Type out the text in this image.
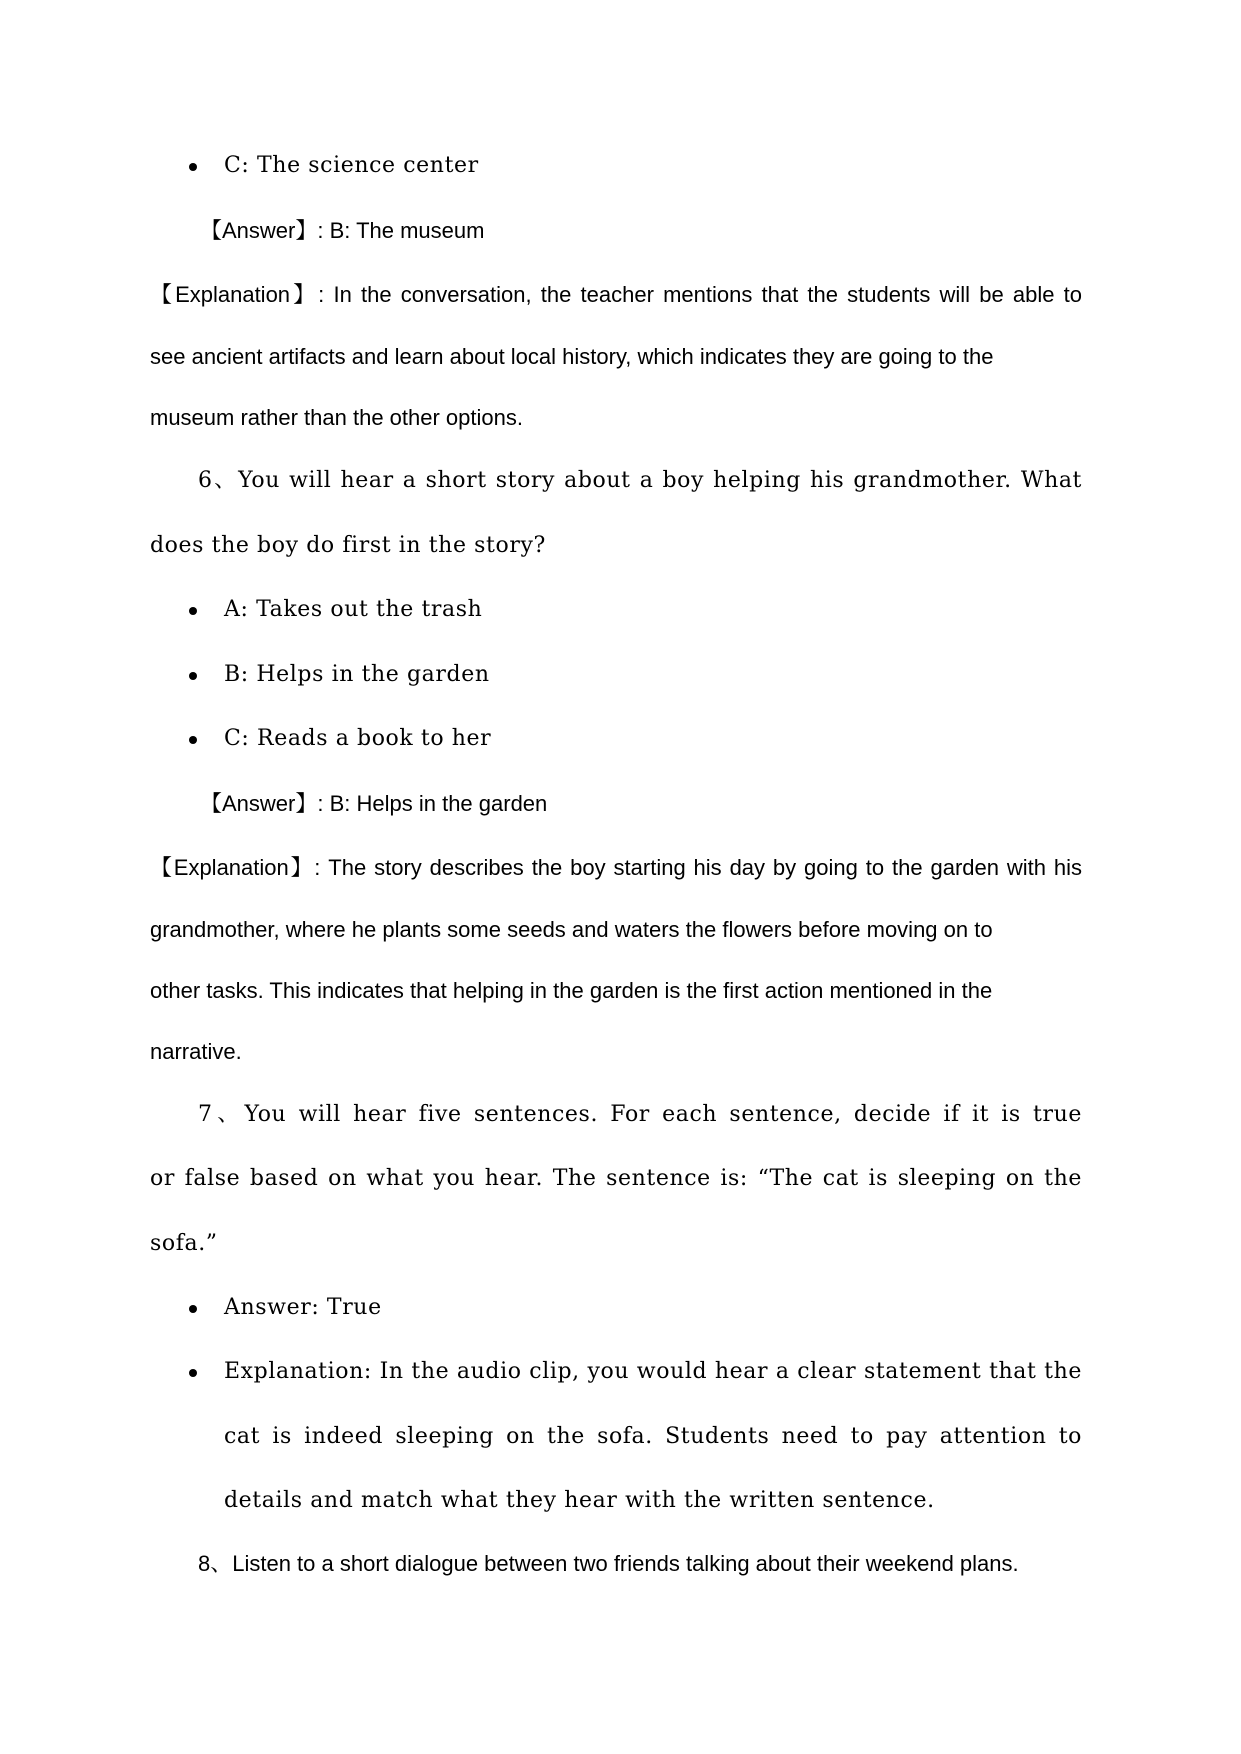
C: The science center
【Answer】: B: The museum
【Explanation】: In the conversation, the teacher mentions that the students will be able to
see ancient artifacts and learn about local history, which indicates they are going to the
museum rather than the other options.
6、You will hear a short story about a boy helping his grandmother. What
does the boy do first in the story?
A: Takes out the trash
B: Helps in the garden
C: Reads a book to her
【Answer】: B: Helps in the garden
【Explanation】: The story describes the boy starting his day by going to the garden with his
grandmother, where he plants some seeds and waters the flowers before moving on to
other tasks. This indicates that helping in the garden is the first action mentioned in the
narrative.
7、You will hear five sentences. For each sentence, decide if it is true
or false based on what you hear. The sentence is: “The cat is sleeping on the
sofa.”
Answer: True
Explanation: In the audio clip, you would hear a clear statement that the
cat is indeed sleeping on the sofa. Students need to pay attention to
details and match what they hear with the written sentence.
8、Listen to a short dialogue between two friends talking about their weekend plans.
